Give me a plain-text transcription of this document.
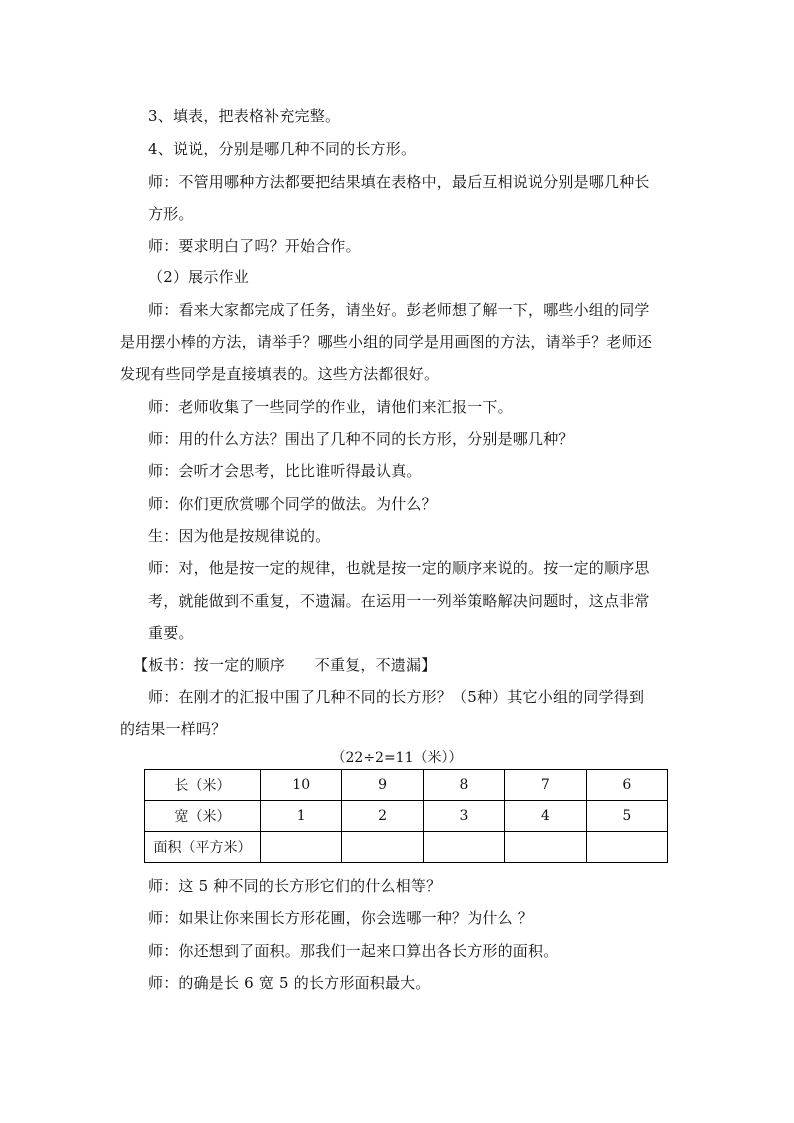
3、填表，把表格补充完整。
4、说说，分别是哪几种不同的长方形。
师：不管用哪种方法都要把结果填在表格中，最后互相说说分别是哪几种长
方形。
师：要求明白了吗？开始合作。
（2）展示作业
师：看来大家都完成了任务，请坐好。彭老师想了解一下，哪些小组的同学
是用摆小棒的方法，请举手？哪些小组的同学是用画图的方法，请举手？老师还
发现有些同学是直接填表的。这些方法都很好。
师：老师收集了一些同学的作业，请他们来汇报一下。
师：用的什么方法？围出了几种不同的长方形，分别是哪几种？
师：会听才会思考，比比谁听得最认真。
师：你们更欣赏哪个同学的做法。为什么？
生：因为他是按规律说的。
师：对，他是按一定的规律，也就是按一定的顺序来说的。按一定的顺序思
考，就能做到不重复，不遗漏。在运用一一列举策略解决问题时，这点非常
重要。
【板书：按一定的顺序      不重复，不遗漏】
师：在刚才的汇报中围了几种不同的长方形？（5种）其它小组的同学得到
的结果一样吗？
（22÷2=11（米））
长（米）	10	9	8	7	6
宽（米）	1	2	3	4	5
面积（平方米）					
师：这 5 种不同的长方形它们的什么相等？
师：如果让你来围长方形花圃，你会选哪一种？为什么 ？
师：你还想到了面积。那我们一起来口算出各长方形的面积。
师：的确是长 6 宽 5 的长方形面积最大。
